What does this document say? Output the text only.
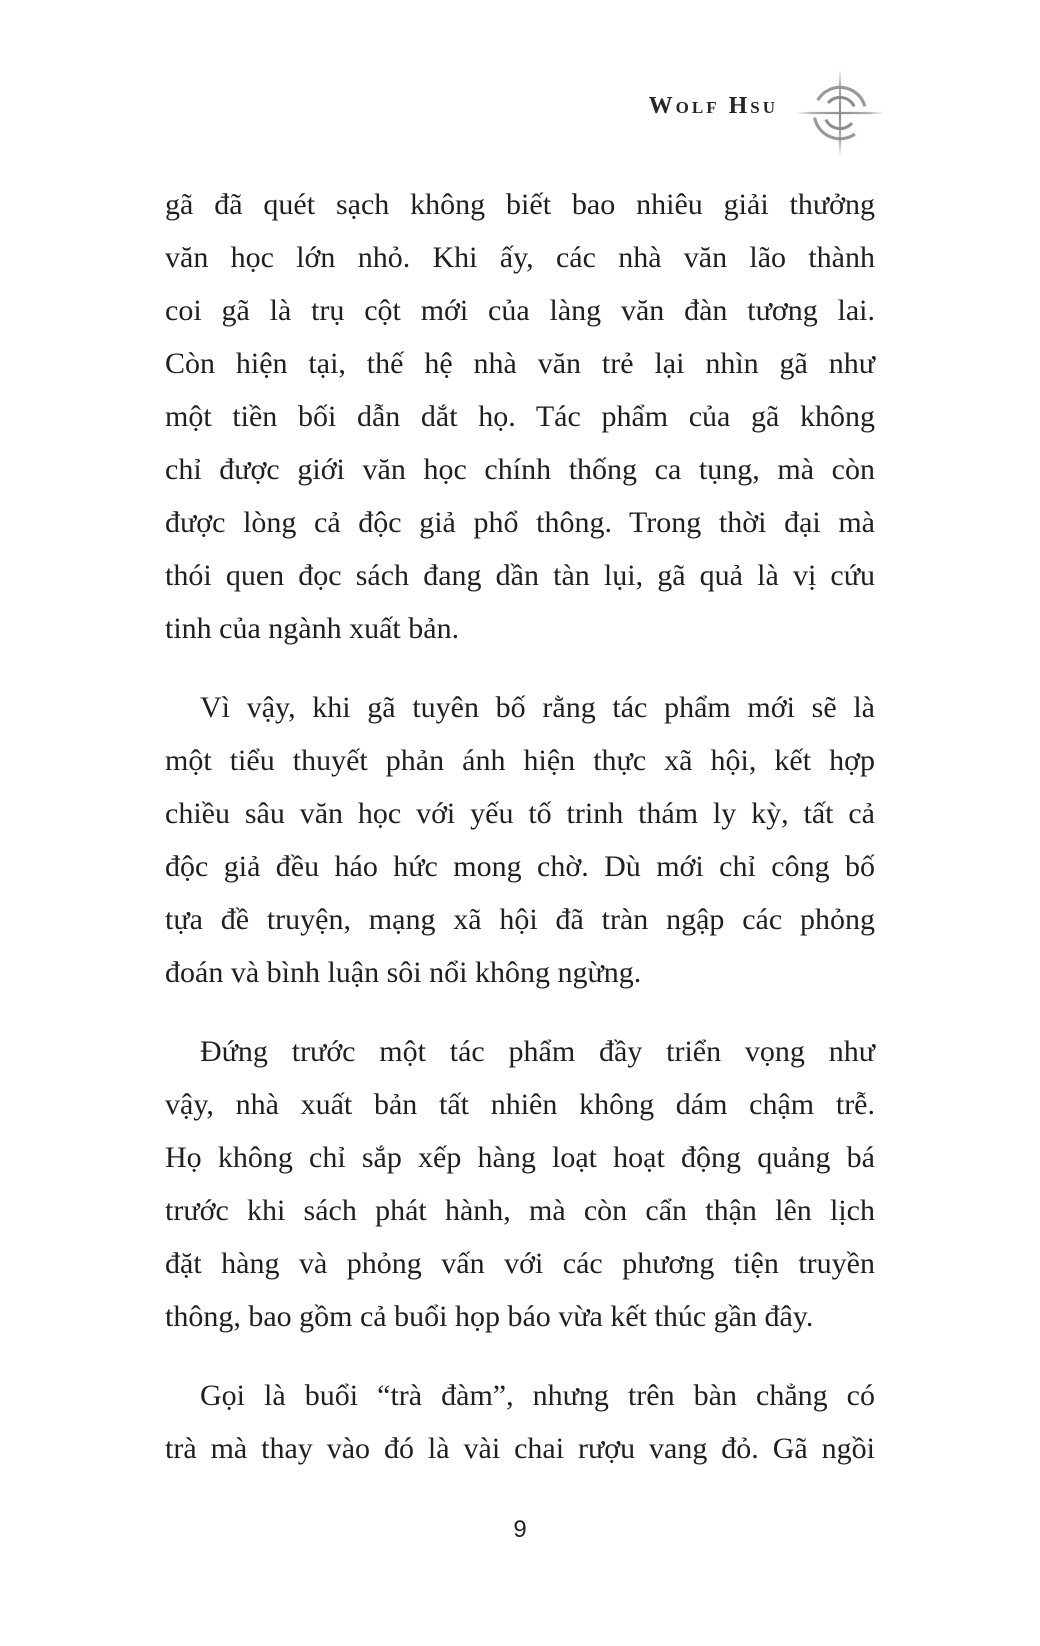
Wolf Hsu
gã đã quét sạch không biết bao nhiêu giải thưởng
văn học lớn nhỏ. Khi ấy, các nhà văn lão thành
coi gã là trụ cột mới của làng văn đàn tương lai.
Còn hiện tại, thế hệ nhà văn trẻ lại nhìn gã như
một tiền bối dẫn dắt họ. Tác phẩm của gã không
chỉ được giới văn học chính thống ca tụng, mà còn
được lòng cả độc giả phổ thông. Trong thời đại mà
thói quen đọc sách đang dần tàn lụi, gã quả là vị cứu
tinh của ngành xuất bản.
Vì vậy, khi gã tuyên bố rằng tác phẩm mới sẽ là
một tiểu thuyết phản ánh hiện thực xã hội, kết hợp
chiều sâu văn học với yếu tố trinh thám ly kỳ, tất cả
độc giả đều háo hức mong chờ. Dù mới chỉ công bố
tựa đề truyện, mạng xã hội đã tràn ngập các phỏng
đoán và bình luận sôi nổi không ngừng.
Đứng trước một tác phẩm đầy triển vọng như
vậy, nhà xuất bản tất nhiên không dám chậm trễ.
Họ không chỉ sắp xếp hàng loạt hoạt động quảng bá
trước khi sách phát hành, mà còn cẩn thận lên lịch
đặt hàng và phỏng vấn với các phương tiện truyền
thông, bao gồm cả buổi họp báo vừa kết thúc gần đây.
Gọi là buổi “trà đàm”, nhưng trên bàn chẳng có
trà mà thay vào đó là vài chai rượu vang đỏ. Gã ngồi
9
